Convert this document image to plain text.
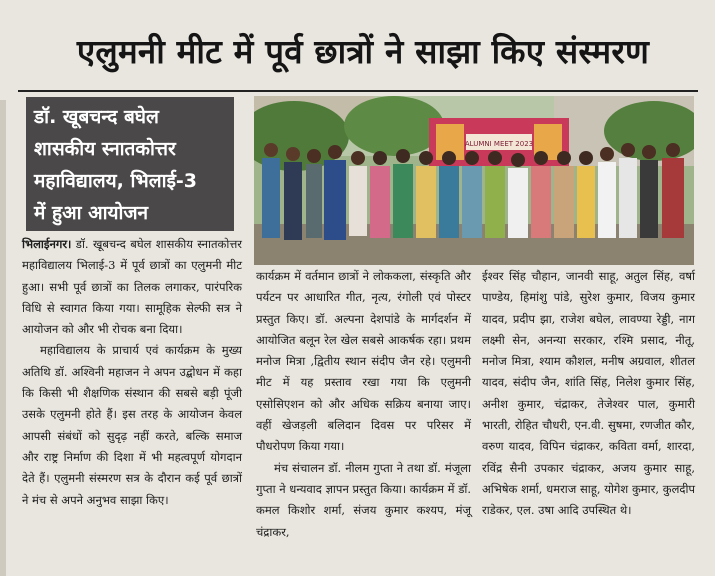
एलुमनी मीट में पूर्व छात्रों ने साझा किए संस्मरण
डॉ. खूबचन्द बघेल
शासकीय स्नातकोत्तर
महाविद्यालय, भिलाई-3
में हुआ आयोजन
ALUMNI MEET 2023

भिलाईनगर। डॉ. खूबचन्द बघेल शासकीय स्नातकोत्तर महाविद्यालय भिलाई-3 में पूर्व छात्रों का एलुमनी मीट हुआ। सभी पूर्व छात्रों का तिलक लगाकर, पारंपरिक विधि से स्वागत किया गया। सामूहिक सेल्फी सत्र ने आयोजन को और भी रोचक बना दिया।

महाविद्यालय के प्राचार्य एवं कार्यक्रम के मुख्य अतिथि डॉ. अश्विनी महाजन ने अपन उद्बोधन में कहा कि किसी भी शैक्षणिक संस्थान की सबसे बड़ी पूंजी उसके एलुमनी होते हैं। इस तरह के आयोजन केवल आपसी संबंधों को सुदृढ़ नहीं करते, बल्कि समाज और राष्ट्र निर्माण की दिशा में भी महत्वपूर्ण योगदान देते हैं। एलुमनी संस्मरण सत्र के दौरान कई पूर्व छात्रों ने मंच से अपने अनुभव साझा किए।

कार्यक्रम में वर्तमान छात्रों ने लोककला, संस्कृति और पर्यटन पर आधारित गीत, नृत्य, रंगोली एवं पोस्टर प्रस्तुत किए। डॉ. अल्पना देशपांडे के मार्गदर्शन में आयोजित बलून रेल खेल सबसे आकर्षक रहा। प्रथम मनोज मित्रा ,द्वितीय स्थान संदीप जैन रहे। एलुमनी मीट में यह प्रस्ताव रखा गया कि एलुमनी एसोसिएशन को और अधिक सक्रिय बनाया जाए। वहीं खेजड़ली बलिदान दिवस पर परिसर में पौधरोपण किया गया।

मंच संचालन डॉ. नीलम गुप्ता ने तथा डॉ. मंजूला गुप्ता ने धन्यवाद ज्ञापन प्रस्तुत किया। कार्यक्रम में डॉ. कमल किशोर शर्मा, संजय कुमार कश्यप, मंजू चंद्राकर,

ईश्वर सिंह चौहान, जानवी साहू, अतुल सिंह, वर्षा पाण्डेय, हिमांशु पांडे, सुरेश कुमार, विजय कुमार यादव, प्रदीप झा, राजेश बघेल, लावण्या रेड्डी, नाग लक्ष्मी सेन, अनन्या सरकार, रश्मि प्रसाद, नीतू, मनोज मित्रा, श्याम कौशल, मनीष अग्रवाल, शीतल यादव, संदीप जैन, शांति सिंह, निलेश कुमार सिंह, अनीश कुमार, चंद्राकर, तेजेश्वर पाल, कुमारी भारती, रोहित चौधरी, एन.वी. सुषमा, रणजीत कौर, वरुण यादव, विपिन चंद्राकर, कविता वर्मा, शारदा, रविंद्र सैनी उपकार चंद्राकर, अजय कुमार साहू, अभिषेक शर्मा, धमराज साहू, योगेश कुमार, कुलदीप राडेकर, एल. उषा आदि उपस्थित थे।
